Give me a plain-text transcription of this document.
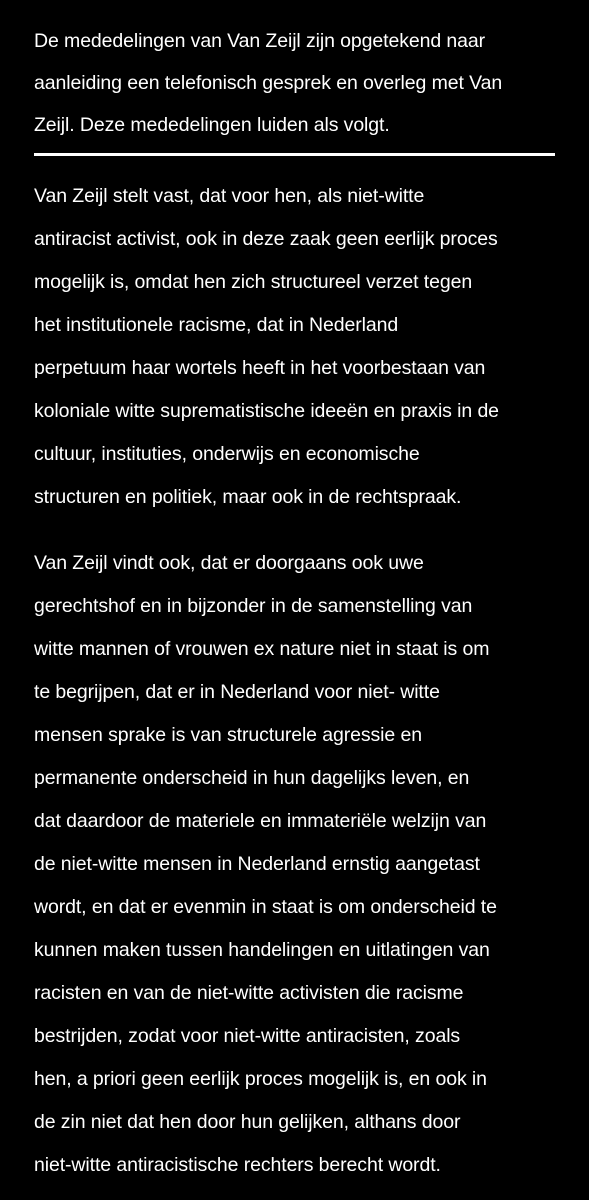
De mededelingen van Van Zeijl zijn opgetekend naar
aanleiding een telefonisch gesprek en overleg met Van
Zeijl. Deze mededelingen luiden als volgt.
Van Zeijl stelt vast, dat voor hen, als niet-witte
antiracist activist, ook in deze zaak geen eerlijk proces
mogelijk is, omdat hen zich structureel verzet tegen
het institutionele racisme, dat in Nederland
perpetuum haar wortels heeft in het voorbestaan van
koloniale witte suprematistische ideeën en praxis in de
cultuur, instituties, onderwijs en economische
structuren en politiek, maar ook in de rechtspraak.
Van Zeijl vindt ook, dat er doorgaans ook uwe
gerechtshof en in bijzonder in de samenstelling van
witte mannen of vrouwen ex nature niet in staat is om
te begrijpen, dat er in Nederland voor niet- witte
mensen sprake is van structurele agressie en
permanente onderscheid in hun dagelijks leven, en
dat daardoor de materiele en immateriële welzijn van
de niet-witte mensen in Nederland ernstig aangetast
wordt, en dat er evenmin in staat is om onderscheid te
kunnen maken tussen handelingen en uitlatingen van
racisten en van de niet-witte activisten die racisme
bestrijden, zodat voor niet-witte antiracisten, zoals
hen, a priori geen eerlijk proces mogelijk is, en ook in
de zin niet dat hen door hun gelijken, althans door
niet-witte antiracistische rechters berecht wordt.
